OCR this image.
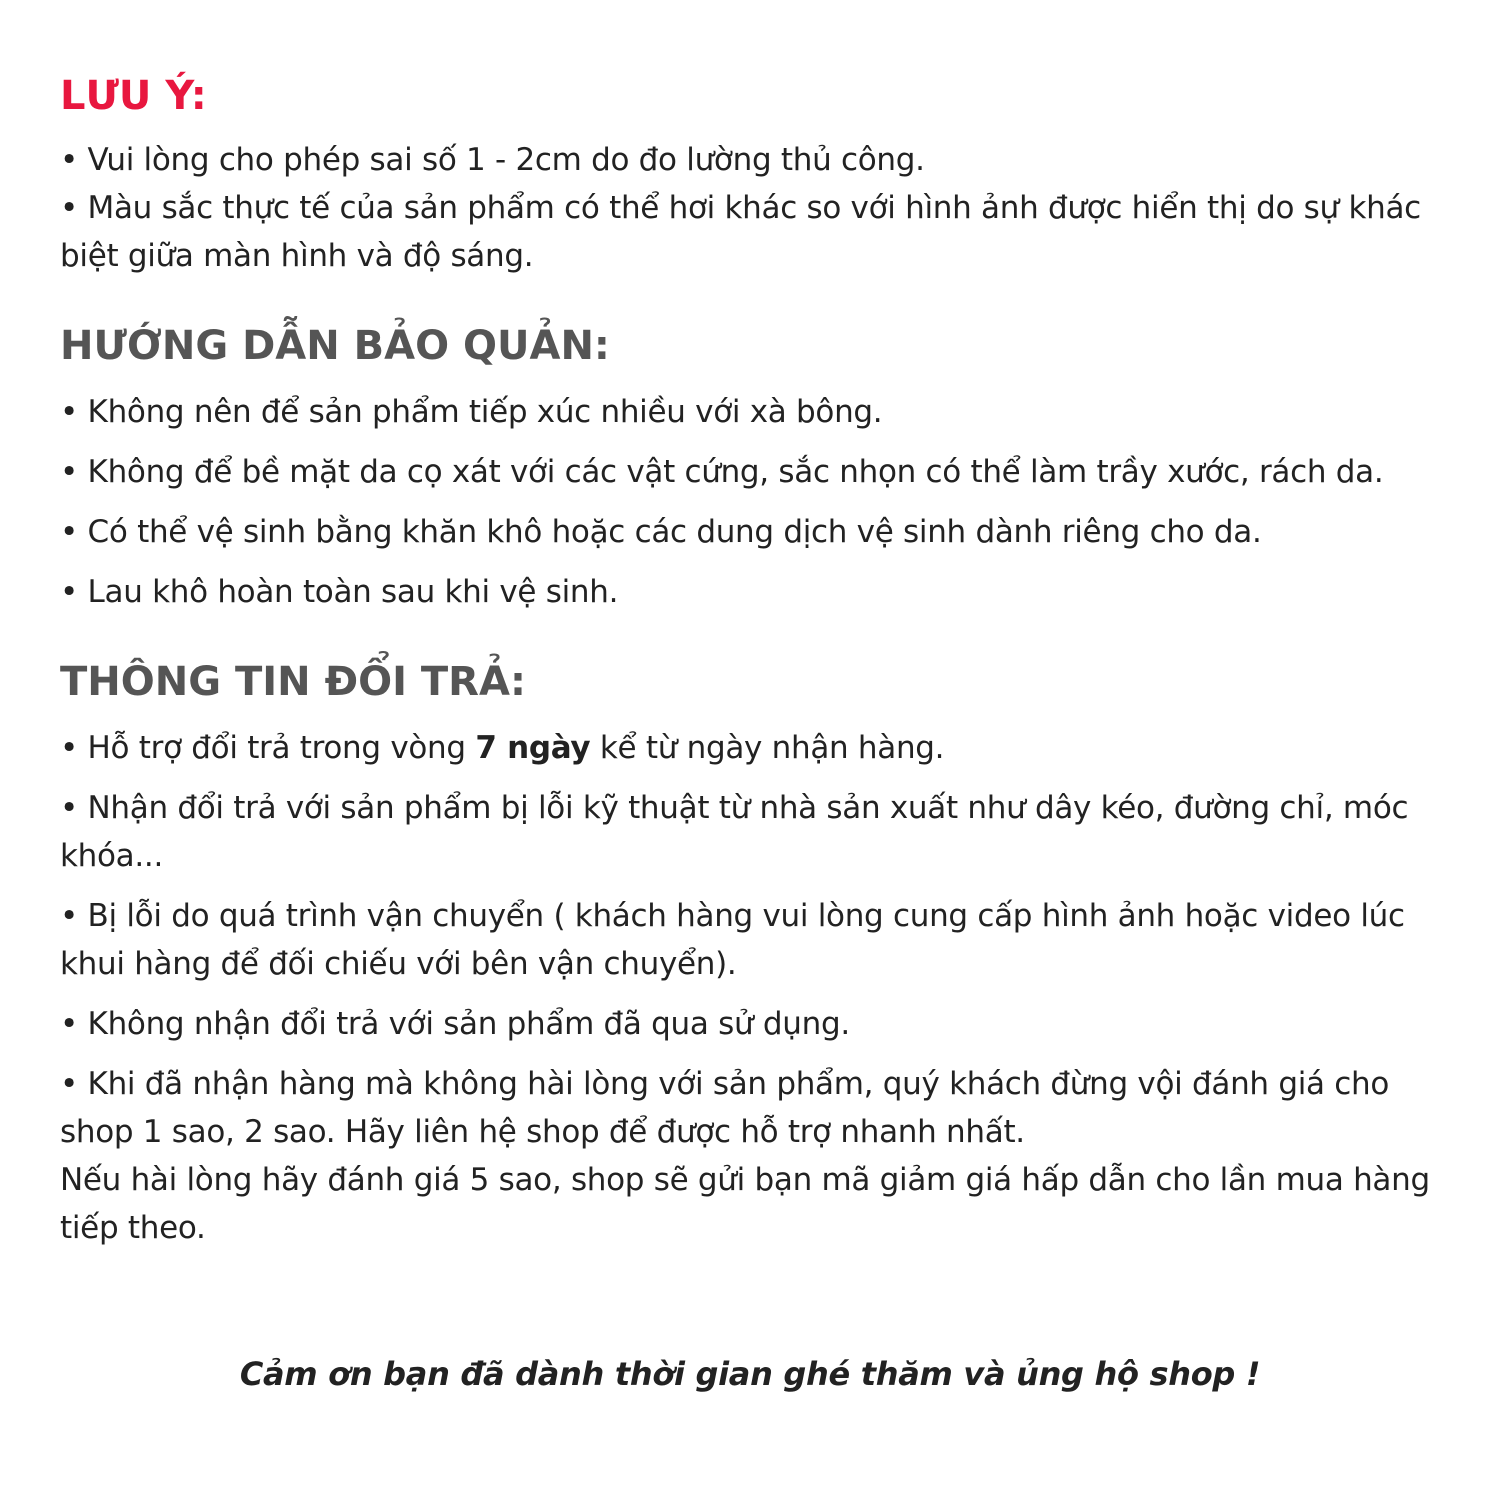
LƯU Ý:

• Vui lòng cho phép sai số 1 - 2cm do đo lường thủ công.

• Màu sắc thực tế của sản phẩm có thể hơi khác so với hình ảnh được hiển thị do sự khác biệt giữa màn hình và độ sáng.

HƯỚNG DẪN BẢO QUẢN:

• Không nên để sản phẩm tiếp xúc nhiều với xà bông.

• Không để bề mặt da cọ xát với các vật cứng, sắc nhọn có thể làm trầy xước, rách da.

• Có thể vệ sinh bằng khăn khô hoặc các dung dịch vệ sinh dành riêng cho da.

• Lau khô hoàn toàn sau khi vệ sinh.

THÔNG TIN ĐỔI TRẢ:

• Hỗ trợ đổi trả trong vòng 7 ngày kể từ ngày nhận hàng.

• Nhận đổi trả với sản phẩm bị lỗi kỹ thuật từ nhà sản xuất như dây kéo, đường chỉ, móc khóa...

• Bị lỗi do quá trình vận chuyển ( khách hàng vui lòng cung cấp hình ảnh hoặc video lúc khui hàng để đối chiếu với bên vận chuyển).

• Không nhận đổi trả với sản phẩm đã qua sử dụng.

• Khi đã nhận hàng mà không hài lòng với sản phẩm, quý khách đừng vội đánh giá cho shop 1 sao, 2 sao. Hãy liên hệ shop để được hỗ trợ nhanh nhất.
Nếu hài lòng hãy đánh giá 5 sao, shop sẽ gửi bạn mã giảm giá hấp dẫn cho lần mua hàng tiếp theo.

Cảm ơn bạn đã dành thời gian ghé thăm và ủng hộ shop !
